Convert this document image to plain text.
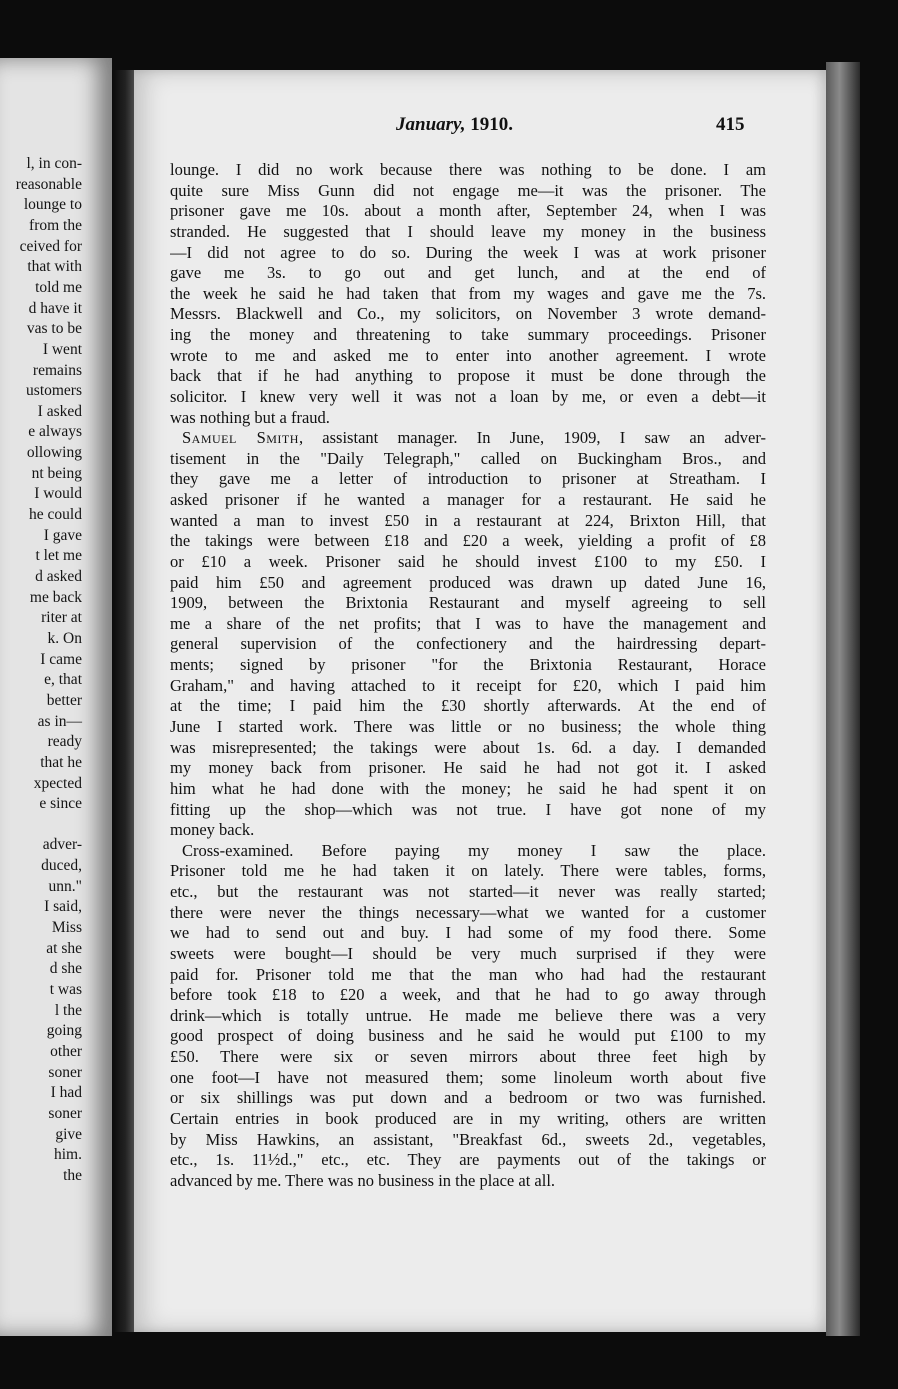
l, in con-
reasonable
lounge to
from the
ceived for
that with
told me
d have it
vas to be
I went
remains
ustomers
I asked
e always
ollowing
nt being
I would
he could
I gave
t let me
d asked
me back
riter at
k. On
I came
e, that
better
as in—
ready
that he
xpected
e since
adver-
duced,
unn."
I said,
Miss
at she
d she
t was
l the
going
other
soner
I had
soner
give
him.
the
January, 1910.	415
lounge. I did no work because there was nothing to be done. I am
quite sure Miss Gunn did not engage me—it was the prisoner. The
prisoner gave me 10s. about a month after, September 24, when I was
stranded. He suggested that I should leave my money in the business
—I did not agree to do so. During the week I was at work prisoner
gave me 3s. to go out and get lunch, and at the end of
the week he said he had taken that from my wages and gave me the 7s.
Messrs. Blackwell and Co., my solicitors, on November 3 wrote demand-
ing the money and threatening to take summary proceedings. Prisoner
wrote to me and asked me to enter into another agreement. I wrote
back that if he had anything to propose it must be done through the
solicitor. I knew very well it was not a loan by me, or even a debt—it
was nothing but a fraud.
Samuel Smith, assistant manager. In June, 1909, I saw an adver-
tisement in the "Daily Telegraph," called on Buckingham Bros., and
they gave me a letter of introduction to prisoner at Streatham. I
asked prisoner if he wanted a manager for a restaurant. He said he
wanted a man to invest £50 in a restaurant at 224, Brixton Hill, that
the takings were between £18 and £20 a week, yielding a profit of £8
or £10 a week. Prisoner said he should invest £100 to my £50. I
paid him £50 and agreement produced was drawn up dated June 16,
1909, between the Brixtonia Restaurant and myself agreeing to sell
me a share of the net profits; that I was to have the management and
general supervision of the confectionery and the hairdressing depart-
ments; signed by prisoner "for the Brixtonia Restaurant, Horace
Graham," and having attached to it receipt for £20, which I paid him
at the time; I paid him the £30 shortly afterwards. At the end of
June I started work. There was little or no business; the whole thing
was misrepresented; the takings were about 1s. 6d. a day. I demanded
my money back from prisoner. He said he had not got it. I asked
him what he had done with the money; he said he had spent it on
fitting up the shop—which was not true. I have got none of my
money back.
Cross-examined. Before paying my money I saw the place.
Prisoner told me he had taken it on lately. There were tables, forms,
etc., but the restaurant was not started—it never was really started;
there were never the things necessary—what we wanted for a customer
we had to send out and buy. I had some of my food there. Some
sweets were bought—I should be very much surprised if they were
paid for. Prisoner told me that the man who had had the restaurant
before took £18 to £20 a week, and that he had to go away through
drink—which is totally untrue. He made me believe there was a very
good prospect of doing business and he said he would put £100 to my
£50. There were six or seven mirrors about three feet high by
one foot—I have not measured them; some linoleum worth about five
or six shillings was put down and a bedroom or two was furnished.
Certain entries in book produced are in my writing, others are written
by Miss Hawkins, an assistant, "Breakfast 6d., sweets 2d., vegetables,
etc., 1s. 11½d.," etc., etc. They are payments out of the takings or
advanced by me. There was no business in the place at all.
